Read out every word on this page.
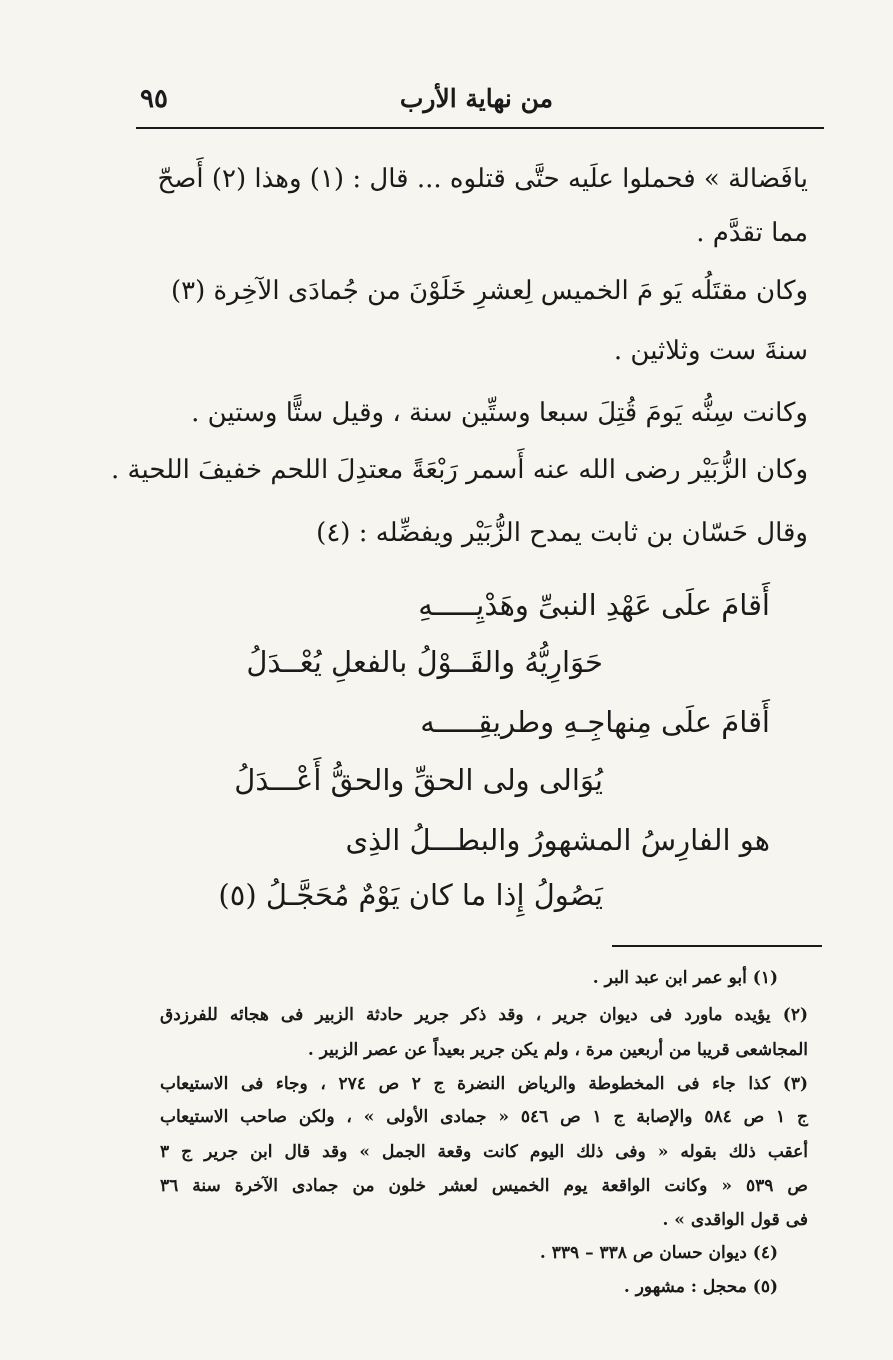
من نهاية الأرب
٩٥
يافَضالة » فحملوا علَيه حتَّى قتلوه ... قال : (١) وهذا (٢) أَصحّ
مما تقدَّم .
وكان مقتَلُه يَو مَ الخميس لِعشرِ خَلَوْنَ من جُمادَى الآخِرة (٣)
سنةَ ست وثلاثين .
وكانت سِنُّه يَومَ قُتِلَ سبعا وستِّين سنة ، وقيل ستًّا وستين .
وكان الزُّبَيْر رضى الله عنه أَسمر رَبْعَةً معتدِلَ اللحم خفيفَ اللحية .
وقال حَسّان بن ثابت يمدح الزُّبَيْر ويفضِّله : (٤)
أَقامَ علَى عَهْدِ النبىِّ وهَدْيِـــــهِ
حَوَارِيُّهُ والقَــوْلُ بالفعلِ يُعْــدَلُ
أَقامَ علَى مِنهاجِـهِ وطريقِـــــه
يُوَالى ولى الحقِّ والحقُّ أَعْـــدَلُ
هو الفارِسُ المشهورُ والبطـــلُ الذِى
يَصُولُ إِذا ما كان يَوْمٌ مُحَجَّـلُ (٥)
(١) أبو عمر ابن عبد البر .
(٢) يؤيده ماورد فى ديوان جرير ، وقد ذكر جرير حادثة الزبير فى هجائه للفرزدق
المجاشعى قريبا من أربعين مرة ، ولم يكن جرير بعيداً عن عصر الزبير .
(٣) كذا جاء فى المخطوطة والرياض النضرة ج ٢ ص ٢٧٤ ، وجاء فى الاستيعاب
ج ١ ص ٥٨٤ والإصابة ج ١ ص ٥٤٦ « جمادى الأولى » ، ولكن صاحب الاستيعاب
أعقب ذلك بقوله « وفى ذلك اليوم كانت وقعة الجمل » وقد قال ابن جرير ج ٣
ص ٥٣٩ « وكانت الواقعة يوم الخميس لعشر خلون من جمادى الآخرة سنة ٣٦
فى قول الواقدى » .
(٤) ديوان حسان ص ٣٣٨ – ٣٣٩ .
(٥) محجل : مشهور .
